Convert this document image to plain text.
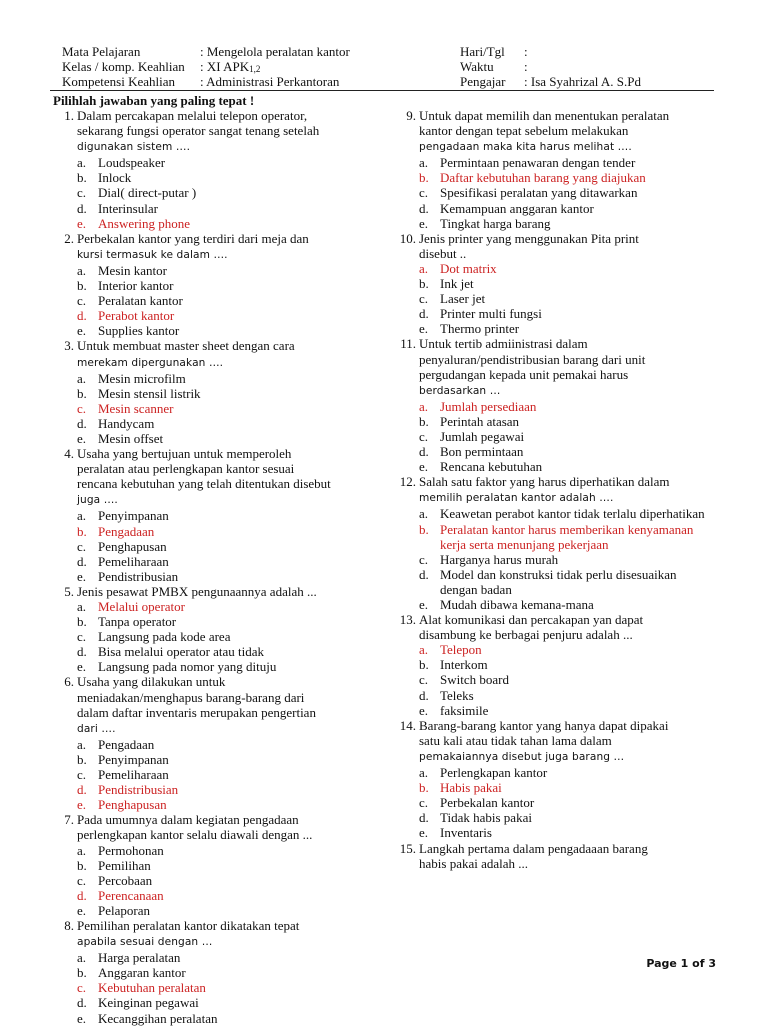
Mata Pelajaran	: Mengelola peralatan kantor	Hari/Tgl	:
Kelas / komp. Keahlian	: XI $APK_{1,2}$	Waktu	:
Kompetensi Keahlian	: Administrasi Perkantoran	Pengajar	: Isa Syahrizal A. S.Pd
Pilihlah jawaban yang paling tepat !
1. Dalam percakapan melalui telepon operator,
sekarang fungsi operator sangat tenang setelah
digunakan sistem ….
a. Loudspeaker
b. Inlock
c. Dial( direct-putar )
d. Interinsular
e. Answering phone
2. Perbekalan kantor yang terdiri dari meja dan
kursi termasuk ke dalam ….
a. Mesin kantor
b. Interior kantor
c. Peralatan kantor
d. Perabot kantor
e. Supplies kantor
3. Untuk membuat master sheet dengan cara
merekam dipergunakan ….
a. Mesin microfilm
b. Mesin stensil listrik
c. Mesin scanner
d. Handycam
e. Mesin offset
4. Usaha yang bertujuan untuk memperoleh
peralatan atau perlengkapan kantor sesuai
rencana kebutuhan yang telah ditentukan disebut
juga ….
a. Penyimpanan
b. Pengadaan
c. Penghapusan
d. Pemeliharaan
e. Pendistribusian
5. Jenis pesawat PMBX pengunaannya adalah ...
a. Melalui operator
b. Tanpa operator
c. Langsung pada kode area
d. Bisa melalui operator atau tidak
e. Langsung pada nomor yang dituju
6. Usaha yang dilakukan untuk
meniadakan/menghapus barang-barang dari
dalam daftar inventaris merupakan pengertian
dari ….
a. Pengadaan
b. Penyimpanan
c. Pemeliharaan
d. Pendistribusian
e. Penghapusan
7. Pada umumnya dalam kegiatan pengadaan
perlengkapan kantor selalu diawali dengan ...
a. Permohonan
b. Pemilihan
c. Percobaan
d. Perencanaan
e. Pelaporan
8. Pemilihan peralatan kantor dikatakan tepat
apabila sesuai dengan …
a. Harga peralatan
b. Anggaran kantor
c. Kebutuhan peralatan
d. Keinginan pegawai
e. Kecanggihan peralatan
9. Untuk dapat memilih dan menentukan peralatan
kantor dengan tepat sebelum melakukan
pengadaan maka kita harus melihat ….
a. Permintaan penawaran dengan tender
b. Daftar kebutuhan barang yang diajukan
c. Spesifikasi peralatan yang ditawarkan
d. Kemampuan anggaran kantor
e. Tingkat harga barang
10. Jenis printer yang menggunakan Pita print
disebut ..
a. Dot matrix
b. Ink jet
c. Laser jet
d. Printer multi fungsi
e. Thermo printer
11. Untuk tertib admiinistrasi dalam
penyaluran/pendistribusian barang dari unit
pergudangan kepada unit pemakai harus
berdasarkan …
a. Jumlah persediaan
b. Perintah atasan
c. Jumlah pegawai
d. Bon permintaan
e. Rencana kebutuhan
12. Salah satu faktor yang harus diperhatikan dalam
memilih peralatan kantor adalah ….
a. Keawetan perabot kantor tidak terlalu diperhatikan
b. Peralatan kantor harus memberikan kenyamanan kerja serta menunjang pekerjaan
c. Harganya harus murah
d. Model dan konstruksi tidak perlu disesuaikan dengan badan
e. Mudah dibawa kemana-mana
13. Alat komunikasi dan percakapan yan dapat
disambung ke berbagai penjuru adalah ...
a. Telepon
b. Interkom
c. Switch board
d. Teleks
e. faksimile
14. Barang-barang kantor yang hanya dapat dipakai
satu kali atau tidak tahan lama dalam
pemakaiannya disebut juga barang …
a. Perlengkapan kantor
b. Habis pakai
c. Perbekalan kantor
d. Tidak habis pakai
e. Inventaris
15. Langkah pertama dalam pengadaaan barang
habis pakai adalah ...
Page 1 of 3
